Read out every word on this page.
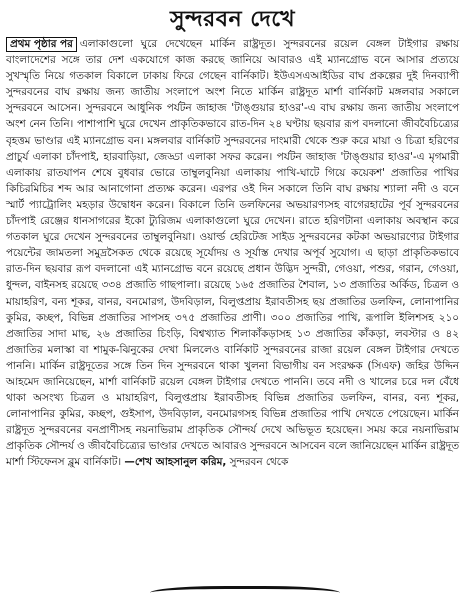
সুন্দরবন দেখে

প্রথম পৃষ্ঠার পর এলাকাগুলো ঘুরে দেখেছেন মার্কিন রাষ্ট্রদূত। সুন্দরবনের রয়েল বেঙ্গল টাইগার রক্ষায় বাংলাদেশের সঙ্গে তার দেশ একযোগে কাজ করছে জানিয়ে আবারও এই ম্যানগ্রোভ বনে আসার প্রত্যয়ে সুখস্মৃতি নিয়ে গতকাল বিকালে ঢাকায় ফিরে গেছেন বার্নিকাট। ইউএসএআইডির বাঘ প্রকল্পের দুই দিনব্যাপী সুন্দরবনের বাঘ রক্ষায় জন্য জাতীয় সংলাপে অংশ নিতে মার্কিন রাষ্ট্রদূত মার্শা বার্নিকাট মঙ্গলবার সকালে সুন্দরবনে আসেন। সুন্দরবনে আধুনিক পর্যটন জাহাজ 'টাঙ্গুয়ার হাওর'-এ বাঘ রক্ষায় জন্য জাতীয় সংলাপে অংশ নেন তিনি। পাশাপাশি ঘুরে দেখেন প্রাকৃতিকভাবে রাত-দিন ২৪ ঘণ্টায় ছয়বার রূপ বদলানো জীববৈচিত্র্যের বৃহত্তম ভাণ্ডার এই ম্যানগ্রোভ বন। মঙ্গলবার বার্নিকাট সুন্দরবনের দাংমারী থেকে শুরু করে মায়া ও চিত্রা হরিণের প্রাচুর্য এলাকা চাঁদপাই, হারবাড়িয়া, জেড্ডা এলাকা সফর করেন। পর্যটন জাহাজ 'টাঙ্গুয়ার হাওর'-এ মৃগমারী এলাকায় রাতযাপন শেষে বুধবার ভোরে তাম্বুলবুনিয়া এলাকায় পাখি-ঘাটে গিয়ে কয়েকশ' প্রজাতির পাখির কিচিরমিচির শব্দ আর আনাগোনা প্রত্যক্ষ করেন। এরপর ওই দিন সকালে তিনি বাঘ রক্ষায় শ্যালা নদী ও বনে স্মার্ট প্যাট্রোলিং মহড়ার উদ্বোধন করেন। বিকালে তিনি ডলফিনের অভয়ারণ্যসহ বাগেরহাটের পূর্ব সুন্দরবনের চাঁদপাই রেঞ্জের ধানসাগরের ইকো ট্যুরিজম এলাকাগুলো ঘুরে দেখেন। রাতে হরিণটানা এলাকায় অবস্থান করে গতকাল ঘুরে দেখেন সুন্দরবনের তাম্বুলবুনিয়া। ওয়ার্ল্ড হেরিটেজ সাইড সুন্দরবনের কটকা অভয়ারণ্যের টাইগার পয়েন্টের জামতলা সমুদ্রসৈকত থেকে রয়েছে সূর্যোদয় ও সূর্যাস্ত দেখার অপূর্ব সুযোগ। এ ছাড়া প্রাকৃতিকভাবে রাত-দিন ছয়বার রূপ বদলানো এই ম্যানগ্রোভ বনে রয়েছে প্রধান উদ্ভিদ সুন্দরী, গেওয়া, পশুর, গরান, গেওয়া, ধুন্দল, বাইনসহ রয়েছে ৩৩৪ প্রজাতি গাছপালা। রয়েছে ১৬৫ প্রজাতির শৈবাল, ১৩ প্রজাতির অর্কিড, চিত্রল ও মায়াহরিণ, বন্য শূকর, বানর, বনমোরগ, উদবিড়াল, বিলুপ্তপ্রায় ইরাবতীসহ ছয় প্রজাতির ডলফিন, লোনাপানির কুমির, কচ্ছপ, বিভিন্ন প্রজাতির সাপসহ ৩৭৫ প্রজাতির প্রাণী। ৩০০ প্রজাতির পাখি, রূপালি ইলিশসহ ২১০ প্রজাতির সাদা মাছ, ২৬ প্রজাতির চিংড়ি, বিশ্বখ্যাত শিলাকাঁকড়াসহ ১৩ প্রজাতির কাঁকড়া, লবস্টার ও ৪২ প্রজাতির মলাস্কা বা শামুক-ঝিনুকের দেখা মিললেও বার্নিকাট সুন্দরবনের রাজা রয়েল বেঙ্গল টাইগার দেখতে পাননি। মার্কিন রাষ্ট্রদূতের সঙ্গে তিন দিন সুন্দরবনে থাকা খুলনা বিভাগীয় বন সংরক্ষক (সিএফ) জহির উদ্দিন আহমেদ জানিয়েছেন, মার্শা বার্নিকাট রয়েল বেঙ্গল টাইগার দেখতে পাননি। তবে নদী ও খালের চরে দল বেঁধে থাকা অসংখ্য চিত্রল ও মায়াহরিণ, বিলুপ্তপ্রায় ইরাবতীসহ বিভিন্ন প্রজাতির ডলফিন, বানর, বন্য শূকর, লোনাপানির কুমির, কচ্ছপ, গুইসাপ, উদবিড়াল, বনমোরগসহ বিভিন্ন প্রজাতির পাখি দেখতে পেয়েছেন। মার্কিন রাষ্ট্রদূত সুন্দরবনের বনপ্রাণীসহ নয়নাভিরাম প্রাকৃতিক সৌন্দর্য দেখে অভিভূত হয়েছেন। সময় করে নয়নাভিরাম প্রাকৃতিক সৌন্দর্য ও জীববৈচিত্র্যের ভাণ্ডার দেখতে আবারও সুন্দরবনে আসবেন বলে জানিয়েছেন মার্কিন রাষ্ট্রদূত মার্শা স্টিফেনস ব্লুম বার্নিকাট। —শেখ আহসানুল করিম, সুন্দরবন থেকে
